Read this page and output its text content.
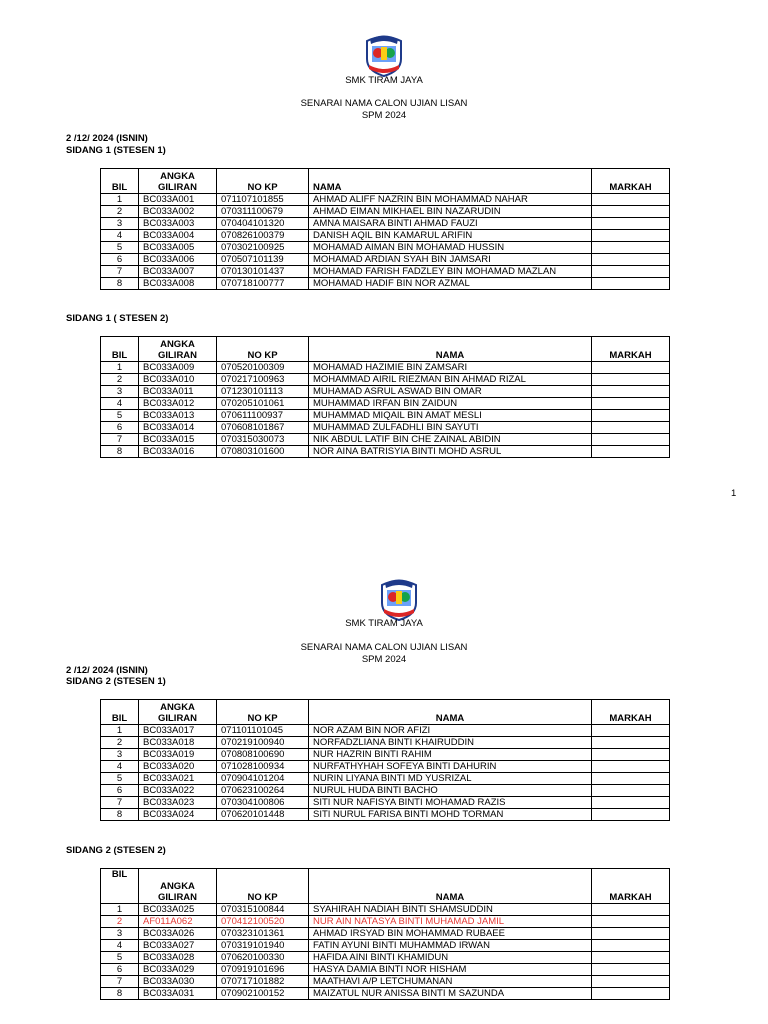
SMK TIRAM JAYA
SENARAI NAMA CALON UJIAN LISAN
SPM 2024
2 /12/ 2024 (ISNIN)
SIDANG 1 (STESEN 1)
BIL	ANGKA GILIRAN	NO KP	NAMA	MARKAH
1	BC033A001	071107101855	AHMAD ALIFF NAZRIN BIN MOHAMMAD NAHAR	
2	BC033A002	070311100679	AHMAD EIMAN MIKHAEL BIN NAZARUDIN	
3	BC033A003	070404101320	AMNA MAISARA BINTI AHMAD FAUZI	
4	BC033A004	070826100379	DANISH AQIL BIN KAMARUL ARIFIN	
5	BC033A005	070302100925	MOHAMAD AIMAN BIN MOHAMAD HUSSIN	
6	BC033A006	070507101139	MOHAMAD ARDIAN SYAH BIN JAMSARI	
7	BC033A007	070130101437	MOHAMAD FARISH FADZLEY BIN MOHAMAD MAZLAN	
8	BC033A008	070718100777	MOHAMAD HADIF BIN NOR AZMAL	
SIDANG 1 ( STESEN 2)
BIL	ANGKA GILIRAN	NO KP	NAMA	MARKAH
1	BC033A009	070520100309	MOHAMAD HAZIMIE BIN ZAMSARI	
2	BC033A010	070217100963	MOHAMMAD AIRIL RIEZMAN BIN AHMAD RIZAL	
3	BC033A011	071230101113	MUHAMAD ASRUL ASWAD BIN OMAR	
4	BC033A012	070205101061	MUHAMMAD IRFAN BIN ZAIDUN	
5	BC033A013	070611100937	MUHAMMAD MIQAIL BIN AMAT MESLI	
6	BC033A014	070608101867	MUHAMMAD ZULFADHLI BIN SAYUTI	
7	BC033A015	070315030073	NIK ABDUL LATIF BIN CHE ZAINAL ABIDIN	
8	BC033A016	070803101600	NOR AINA BATRISYIA BINTI MOHD ASRUL	
1
SMK TIRAM JAYA
SENARAI NAMA CALON UJIAN LISAN
SPM 2024
2 /12/ 2024 (ISNIN)
SIDANG 2 (STESEN 1)
BIL	ANGKA GILIRAN	NO KP	NAMA	MARKAH
1	BC033A017	071101101045	NOR AZAM BIN NOR AFIZI	
2	BC033A018	070219100940	NORFADZLIANA BINTI KHAIRUDDIN	
3	BC033A019	070808100690	NUR HAZRIN BINTI RAHIM	
4	BC033A020	071028100934	NURFATHYHAH SOFEYA BINTI DAHURIN	
5	BC033A021	070904101204	NURIN LIYANA BINTI MD YUSRIZAL	
6	BC033A022	070623100264	NURUL HUDA BINTI BACHO	
7	BC033A023	070304100806	SITI NUR NAFISYA BINTI MOHAMAD RAZIS	
8	BC033A024	070620101448	SITI NURUL FARISA BINTI MOHD TORMAN	
SIDANG 2 (STESEN 2)
BIL	ANGKA GILIRAN	NO KP	NAMA	MARKAH
1	BC033A025	070315100844	SYAHIRAH NADIAH BINTI SHAMSUDDIN	
2	AF011A062	070412100520	NUR AIN NATASYA BINTI MUHAMAD JAMIL	
3	BC033A026	070323101361	AHMAD IRSYAD BIN MOHAMMAD RUBAEE	
4	BC033A027	070319101940	FATIN AYUNI BINTI MUHAMMAD IRWAN	
5	BC033A028	070620100330	HAFIDA AINI BINTI KHAMIDUN	
6	BC033A029	070919101696	HASYA DAMIA BINTI NOR HISHAM	
7	BC033A030	070717101882	MAATHAVI A/P LETCHUMANAN	
8	BC033A031	070902100152	MAIZATUL NUR ANISSA BINTI M SAZUNDA	
